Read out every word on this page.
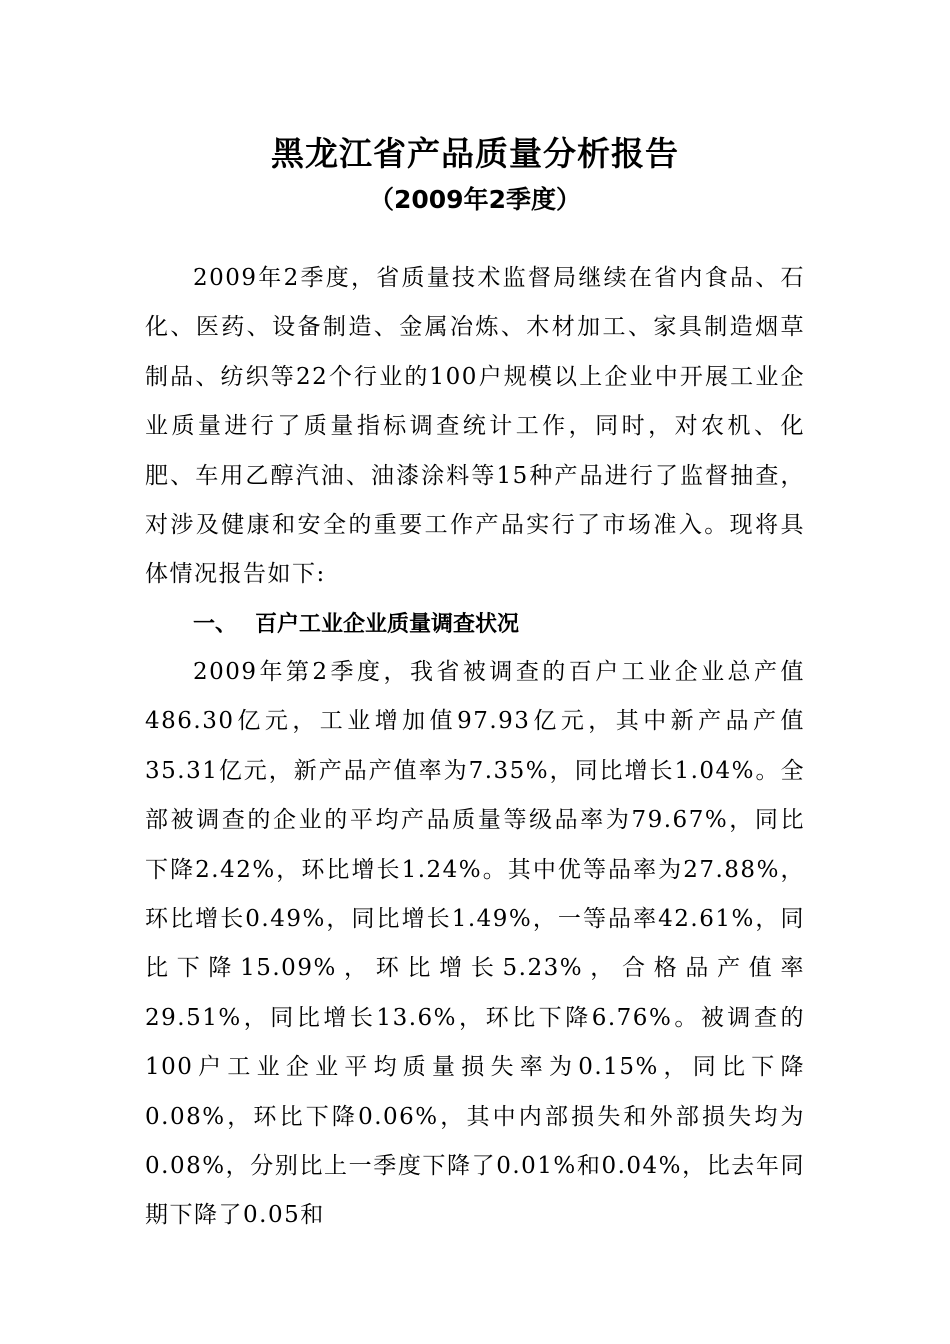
黑龙江省产品质量分析报告
（2009年2季度）

2009年2季度，省质量技术监督局继续在省内食品、石化、医药、设备制造、金属冶炼、木材加工、家具制造烟草制品、纺织等22个行业的100户规模以上企业中开展工业企业质量进行了质量指标调查统计工作，同时，对农机、化肥、车用乙醇汽油、油漆涂料等15种产品进行了监督抽查，对涉及健康和安全的重要工作产品实行了市场准入。现将具体情况报告如下:

一、 百户工业企业质量调查状况

2009年第2季度，我省被调查的百户工业企业总产值486.30亿元，工业增加值97.93亿元，其中新产品产值35.31亿元，新产品产值率为7.35%，同比增长1.04%。全部被调查的企业的平均产品质量等级品率为79.67%，同比下降2.42%，环比增长1.24%。其中优等品率为27.88%，环比增长0.49%，同比增长1.49%，一等品率42.61%，同比下降15.09%，环比增长5.23%，合格品产值率29.51%，同比增长13.6%，环比下降6.76%。被调查的100户工业企业平均质量损失率为0.15%，同比下降0.08%，环比下降0.06%，其中内部损失和外部损失均为0.08%，分别比上一季度下降了0.01%和0.04%，比去年同期下降了0.05和
